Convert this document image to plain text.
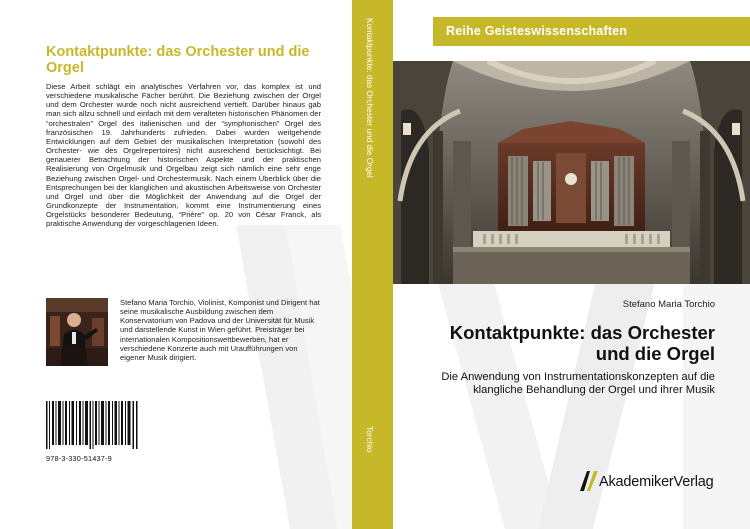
Kontaktpunkte: das Orchester und die Orgel

Diese Arbeit schlägt ein analytisches Verfahren vor, das komplex ist und verschiedene musikalische Fächer berührt. Die Beziehung zwischen der Orgel und dem Orchester wurde noch nicht ausreichend vertieft. Darüber hinaus gab man sich allzu schnell und einfach mit dem veralteten historischen Phänomen der “orchestralen” Orgel des italienischen und der “symphonischen” Orgel des französischen 19. Jahrhunderts zufrieden. Dabei wurden weitgehende Entwicklungen auf dem Gebiet der musikalischen Interpretation (sowohl des Orchester- wie des Orgelrepertoires) nicht ausreichend berücksichtigt. Bei genauerer Betrachtung der historischen Aspekte und der praktischen Realisierung von Orgelmusik und Orgelbau zeigt sich nämlich eine sehr enge Beziehung zwischen Orgel- und Orchestermusik. Nach einem Überblick über die Entsprechungen bei der klanglichen und akustischen Arbeitsweise von Orchester und Orgel und über die Möglichkeit der Anwendung auf die Orgel der Grundkonzepte der Instrumentation, kommt eine Instrumentierung eines Orgelstücks besonderer Bedeutung, “Prière” op. 20 von César Franck, als praktische Anwendung der vorgeschlagenen Ideen.

Stefano Maria Torchio, Violinist, Komponist und Dirigent hat seine musikalische Ausbildung zwischen dem Konservatorium von Padova und der Universität für Musik und darstellende Kunst in Wien geführt. Preisträger bei internationalen Kompositionswettbewerben, hat er verschiedene Konzerte auch mit Uraufführungen von eigener Musik dirigiert.

978-3-330-51437-9

Kontaktpunkte: das Orchester und die Orgel
Torchio

Reihe Geisteswissenschaften

Stefano Maria Torchio

Kontaktpunkte: das Orchester und die Orgel

Die Anwendung von Instrumentationskonzepten auf die klangliche Behandlung der Orgel und ihrer Musik

AkademikerVerlag
